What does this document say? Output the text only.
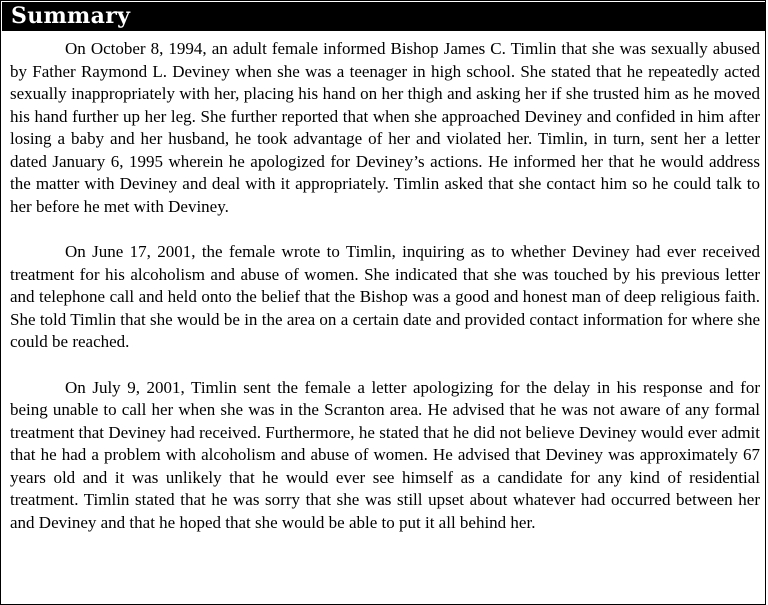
Summary

On October 8, 1994, an adult female informed Bishop James C. Timlin that she was sexually abused by Father Raymond L. Deviney when she was a teenager in high school. She stated that he repeatedly acted sexually inappropriately with her, placing his hand on her thigh and asking her if she trusted him as he moved his hand further up her leg. She further reported that when she approached Deviney and confided in him after losing a baby and her husband, he took advantage of her and violated her. Timlin, in turn, sent her a letter dated January 6, 1995 wherein he apologized for Deviney’s actions. He informed her that he would address the matter with Deviney and deal with it appropriately. Timlin asked that she contact him so he could talk to her before he met with Deviney.

On June 17, 2001, the female wrote to Timlin, inquiring as to whether Deviney had ever received treatment for his alcoholism and abuse of women. She indicated that she was touched by his previous letter and telephone call and held onto the belief that the Bishop was a good and honest man of deep religious faith. She told Timlin that she would be in the area on a certain date and provided contact information for where she could be reached.

On July 9, 2001, Timlin sent the female a letter apologizing for the delay in his response and for being unable to call her when she was in the Scranton area. He advised that he was not aware of any formal treatment that Deviney had received. Furthermore, he stated that he did not believe Deviney would ever admit that he had a problem with alcoholism and abuse of women. He advised that Deviney was approximately 67 years old and it was unlikely that he would ever see himself as a candidate for any kind of residential treatment. Timlin stated that he was sorry that she was still upset about whatever had occurred between her and Deviney and that he hoped that she would be able to put it all behind her.
